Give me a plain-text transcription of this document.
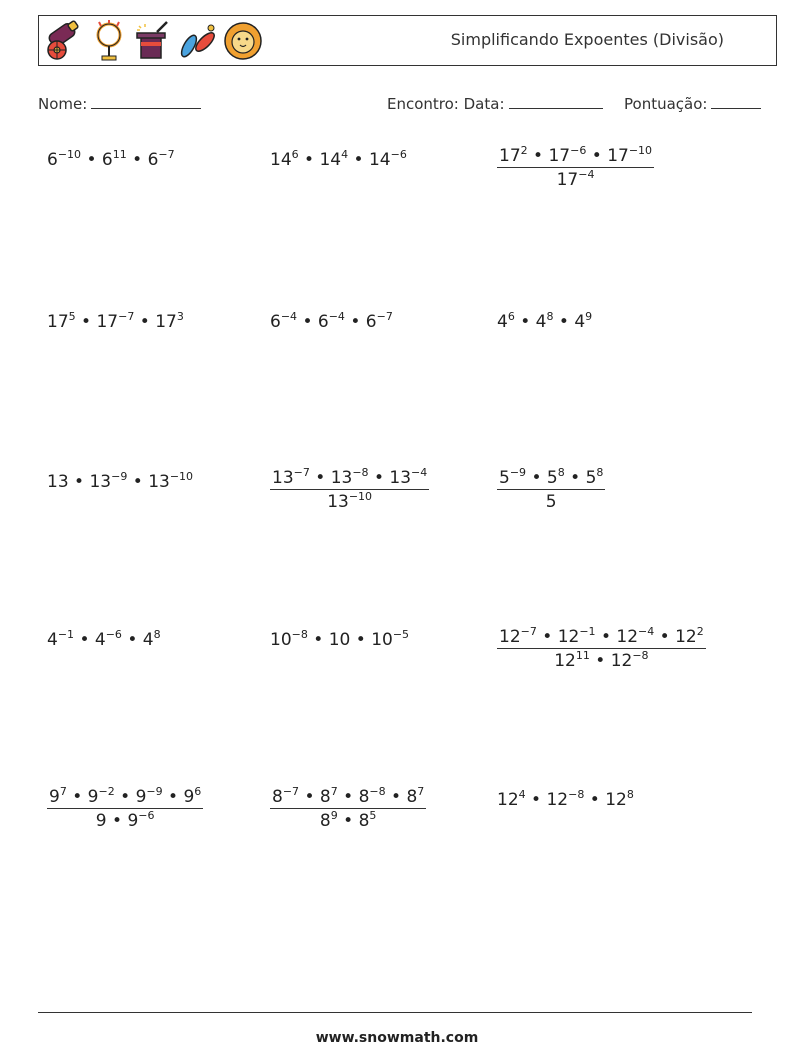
Simplificando Expoentes (Divisão)
Nome:	Encontro: Data:	Pontuação:
$6^{-10}$ • $6^{11}$ • $6^{-7}$	$14^6$ • $14^4$ • $14^{-6}$	$\frac{17^2 • 17^{-6} • 17^{-10}}{17^{-4}}$
$17^5$ • $17^{-7}$ • $17^3$	$6^{-4}$ • $6^{-4}$ • $6^{-7}$	$4^6$ • $4^8$ • $4^9$
13 • $13^{-9}$ • $13^{-10}$	$\frac{13^{-7} • 13^{-8} • 13^{-4}}{13^{-10}}$	$\frac{5^{-9} • 5^8 • 5^8}{5}$
$4^{-1}$ • $4^{-6}$ • $4^8$	$10^{-8}$ • 10 • $10^{-5}$	$\frac{12^{-7} • 12^{-1} • 12^{-4} • 12^2}{12^{11} • 12^{-8}}$
$\frac{9^7 • 9^{-2} • 9^{-9} • 9^6}{9 • 9^{-6}}$	$\frac{8^{-7} • 8^7 • 8^{-8} • 8^7}{8^9 • 8^5}$	$12^4$ • $12^{-8}$ • $12^8$
www.snowmath.com
